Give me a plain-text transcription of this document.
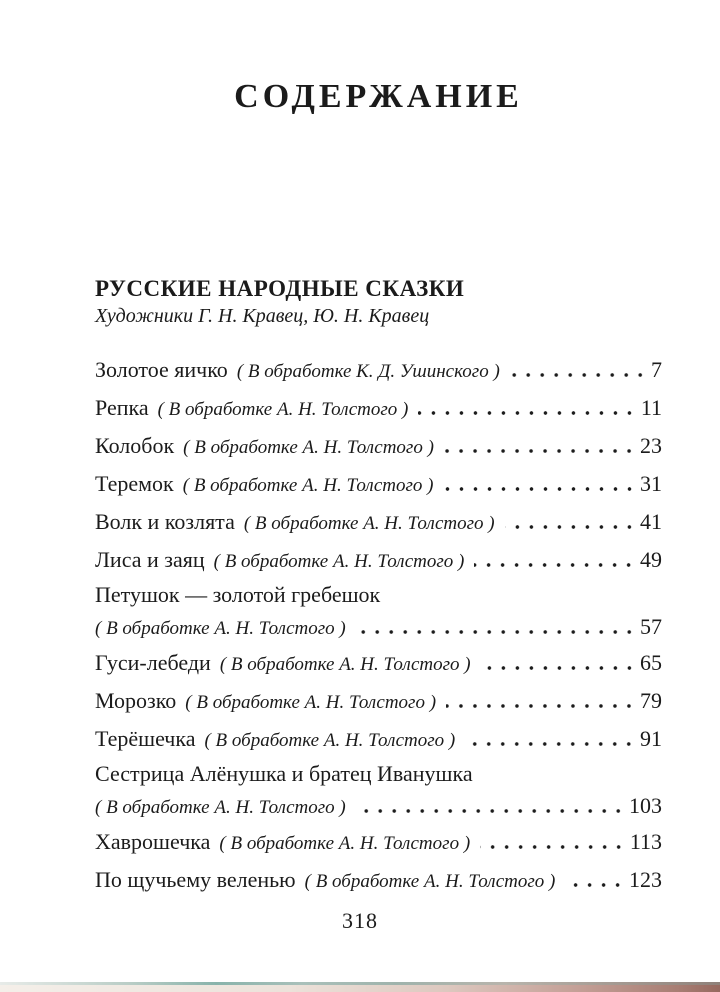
СОДЕРЖАНИЕ
РУССКИЕ НАРОДНЫЕ СКАЗКИ
Художники Г. Н. Кравец, Ю. Н. Кравец
Золотое яичко ( В обработке К. Д. Ушинского )	7
Репка ( В обработке А. Н. Толстого )	11
Колобок ( В обработке А. Н. Толстого )	23
Теремок ( В обработке А. Н. Толстого )	31
Волк и козлята ( В обработке А. Н. Толстого )	41
Лиса и заяц ( В обработке А. Н. Толстого )	49
Петушок — золотой гребешок
( В обработке А. Н. Толстого )	57
Гуси-лебеди ( В обработке А. Н. Толстого )	65
Морозко ( В обработке А. Н. Толстого )	79
Терёшечка ( В обработке А. Н. Толстого )	91
Сестрица Алёнушка и братец Иванушка
( В обработке А. Н. Толстого )	103
Хаврошечка ( В обработке А. Н. Толстого )	113
По щучьему веленью ( В обработке А. Н. Толстого )	123
318
